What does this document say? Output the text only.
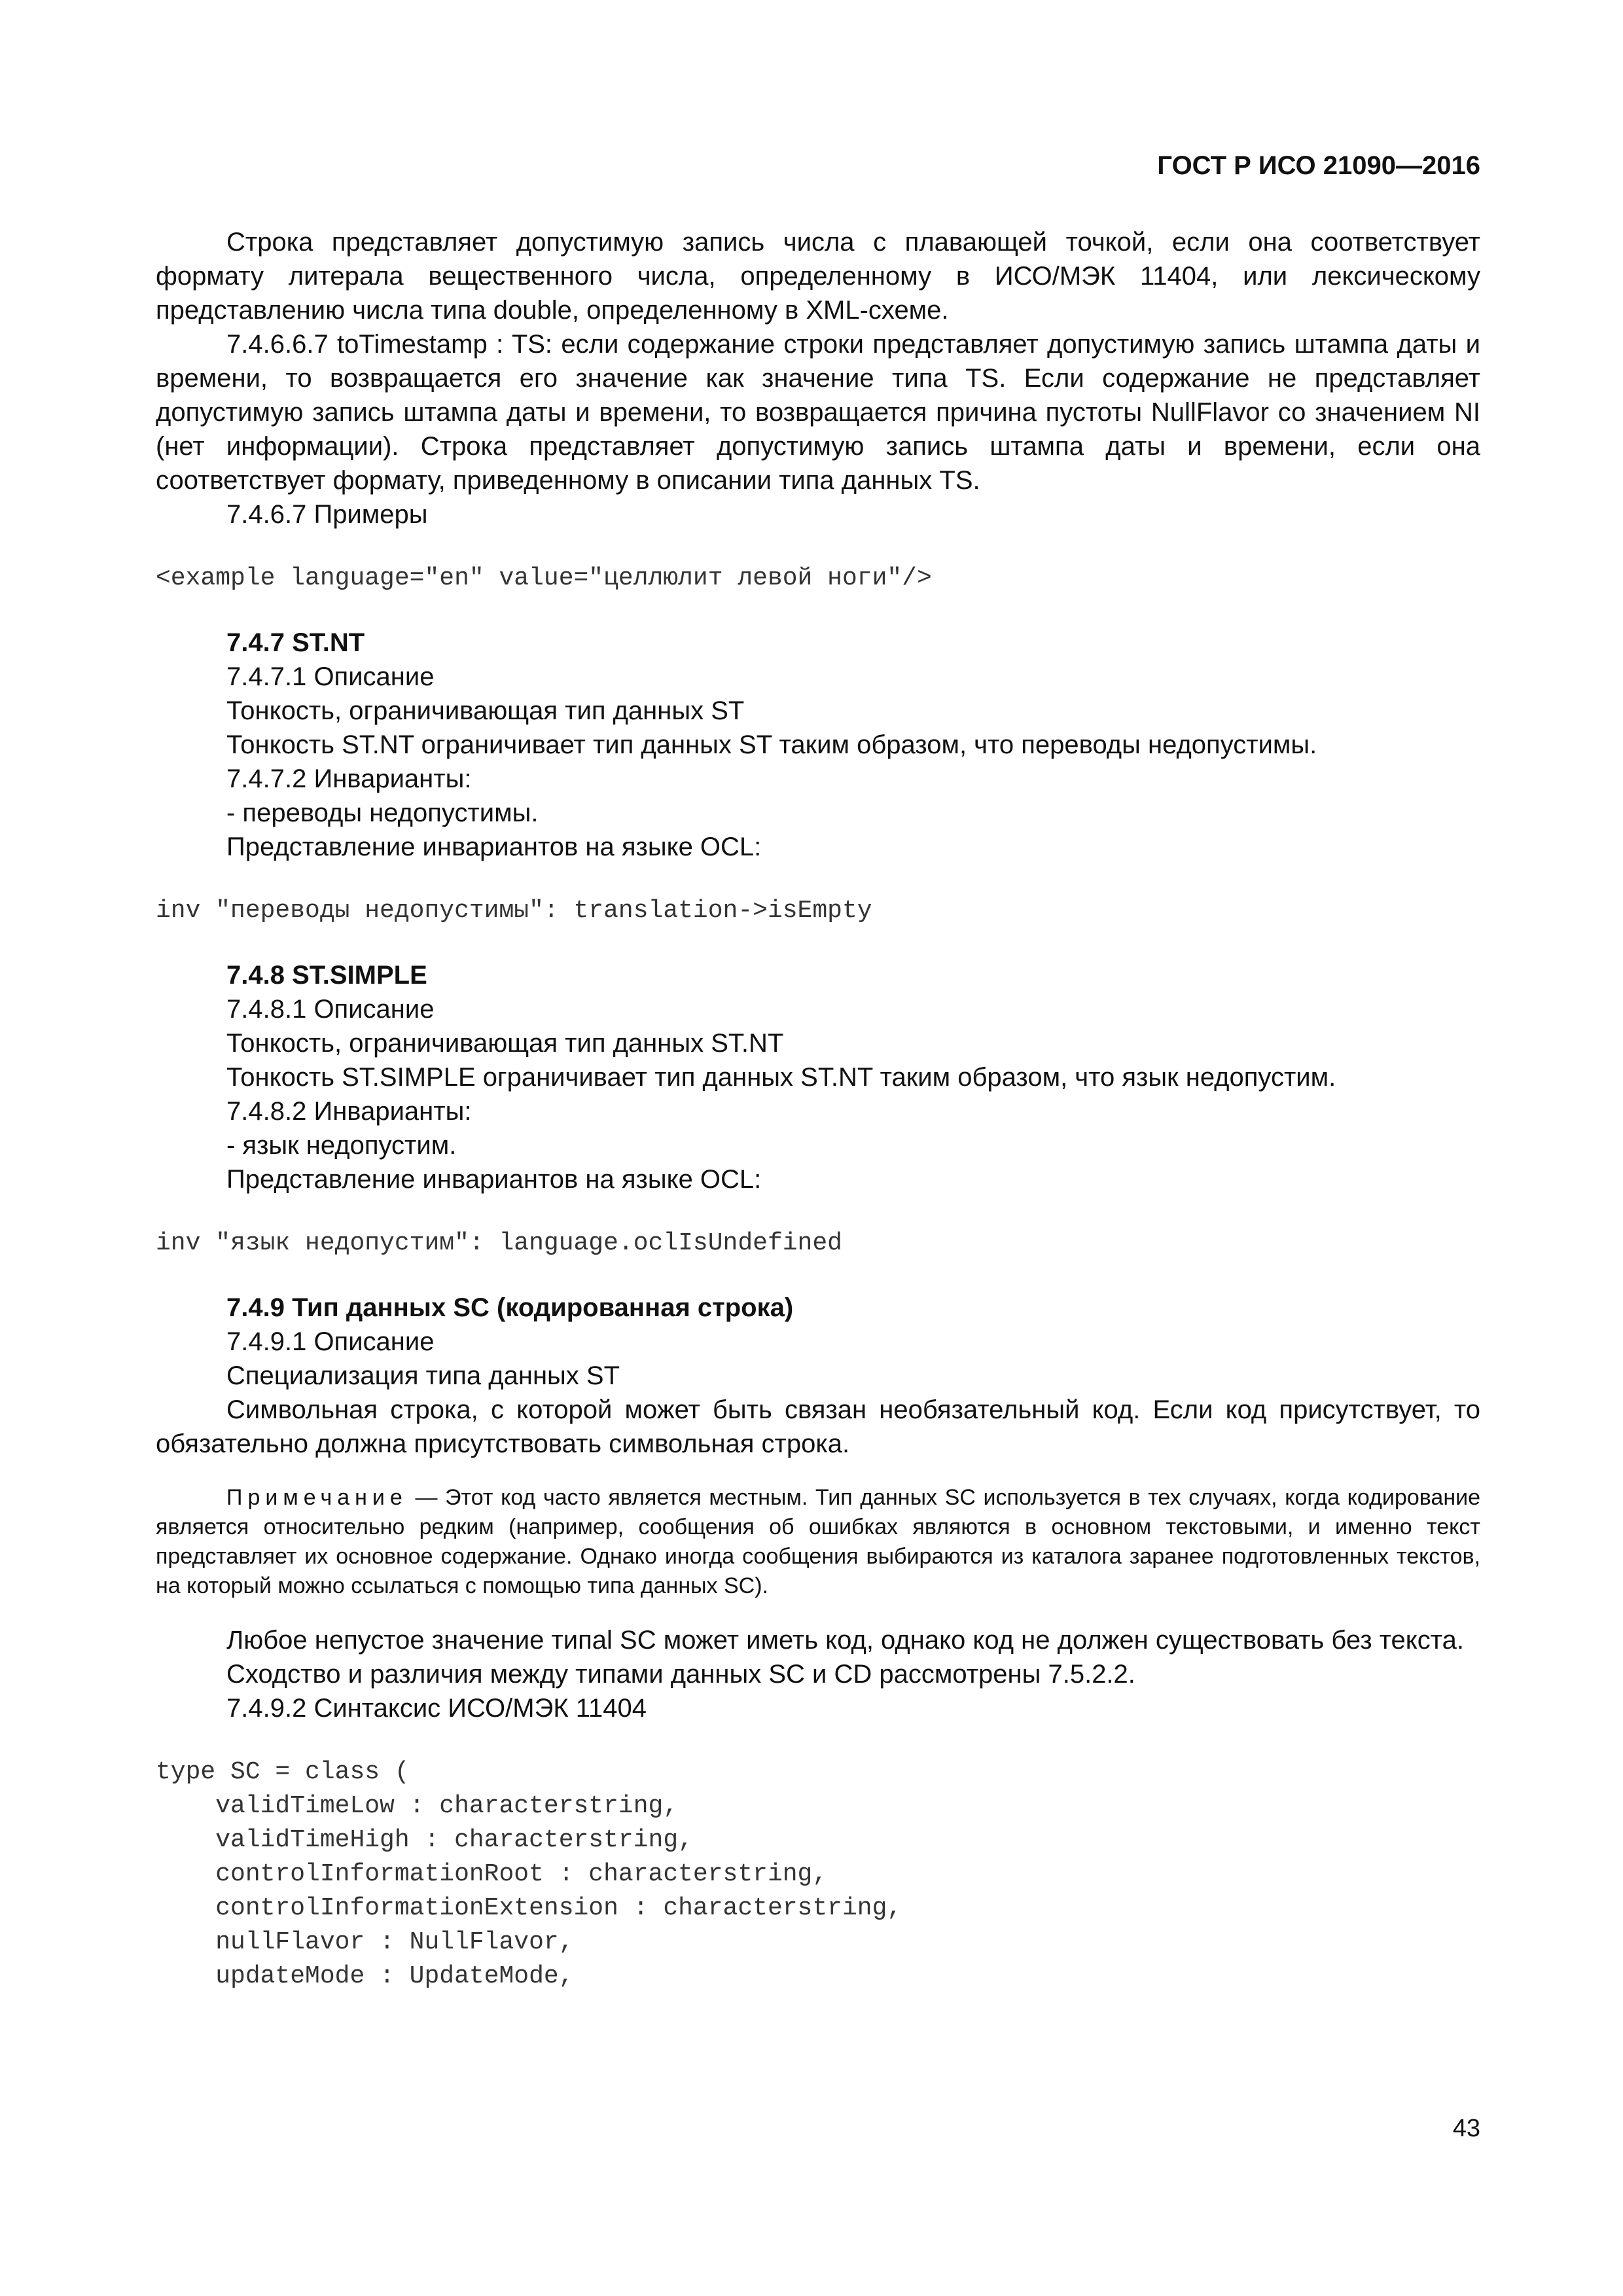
ГОСТ Р ИСО 21090—2016

Строка представляет допустимую запись числа с плавающей точкой, если она соответствует формату литерала вещественного числа, определенному в ИСО/МЭК 11404, или лексическому представлению числа типа double, определенному в XML-схеме.

7.4.6.6.7 toTimestamp : TS: если содержание строки представляет допустимую запись штампа даты и времени, то возвращается его значение как значение типа TS. Если содержание не представляет допустимую запись штампа даты и времени, то возвращается причина пустоты NullFlavor со значением NI (нет информации). Строка представляет допустимую запись штампа даты и времени, если она соответствует формату, приведенному в описании типа данных TS.

7.4.6.7 Примеры

<example language="en" value="целлюлит левой ноги"/>

7.4.7 ST.NT

7.4.7.1 Описание

Тонкость, ограничивающая тип данных ST

Тонкость ST.NT ограничивает тип данных ST таким образом, что переводы недопустимы.

7.4.7.2 Инварианты:

- переводы недопустимы.

Представление инвариантов на языке OCL:

inv "переводы недопустимы": translation->isEmpty

7.4.8 ST.SIMPLE

7.4.8.1 Описание

Тонкость, ограничивающая тип данных ST.NT

Тонкость ST.SIMPLE ограничивает тип данных ST.NT таким образом, что язык недопустим.

7.4.8.2 Инварианты:

- язык недопустим.

Представление инвариантов на языке OCL:

inv "язык недопустим": language.oclIsUndefined

7.4.9 Тип данных SC (кодированная строка)

7.4.9.1 Описание

Специализация типа данных ST

Символьная строка, с которой может быть связан необязательный код. Если код присутствует, то обязательно должна присутствовать символьная строка.

Примечание — Этот код часто является местным. Тип данных SC используется в тех случаях, когда кодирование является относительно редким (например, сообщения об ошибках являются в основном текстовыми, и именно текст представляет их основное содержание. Однако иногда сообщения выбираются из каталога заранее подготовленных текстов, на который можно ссылаться с помощью типа данных SC).

Любое непустое значение типаl SC может иметь код, однако код не должен существовать без текста.

Сходство и различия между типами данных SC и CD рассмотрены 7.5.2.2.

7.4.9.2 Синтаксис ИСО/МЭК 11404

type SC = class (
validTimeLow : characterstring,
validTimeHigh : characterstring,
controlInformationRoot : characterstring,
controlInformationExtension : characterstring,
nullFlavor : NullFlavor,
updateMode : UpdateMode,

43
